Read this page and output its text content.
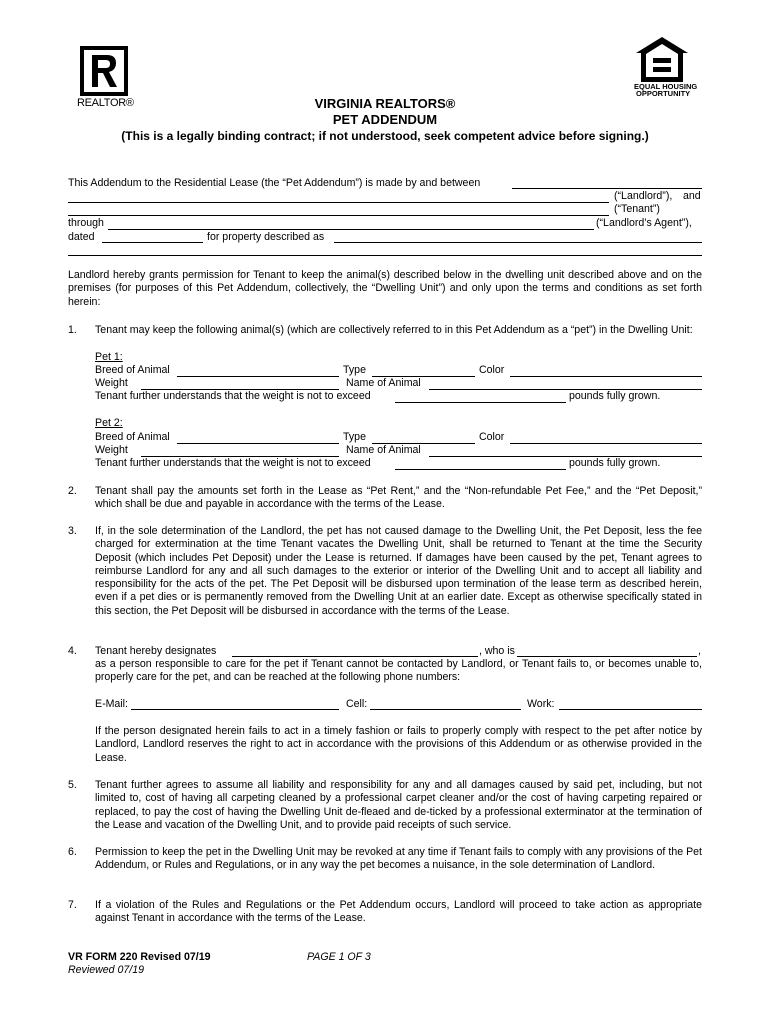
REALTOR®
EQUAL HOUSING
OPPORTUNITY
VIRGINIA REALTORS®
PET ADDENDUM
(This is a legally binding contract; if not understood, seek competent advice before signing.)
This Addendum to the Residential Lease (the “Pet Addendum”) is made by and between
(“Landlord”), and
(“Tenant”)
through	(“Landlord’s Agent”),
dated	for property described as
Landlord hereby grants permission for Tenant to keep the animal(s) described below in the dwelling unit described above and on the premises (for purposes of this Pet Addendum, collectively, the “Dwelling Unit”) and only upon the terms and conditions as set forth herein:
1. Tenant may keep the following animal(s) (which are collectively referred to in this Pet Addendum as a “pet”) in the Dwelling Unit:
Pet 1:
Breed of Animal	Type	Color
Weight	Name of Animal
Tenant further understands that the weight is not to exceed	pounds fully grown.
Pet 2:
Breed of Animal	Type	Color
Weight	Name of Animal
Tenant further understands that the weight is not to exceed	pounds fully grown.
2. Tenant shall pay the amounts set forth in the Lease as “Pet Rent,” and the “Non-refundable Pet Fee,” and the “Pet Deposit,” which shall be due and payable in accordance with the terms of the Lease.
3. If, in the sole determination of the Landlord, the pet has not caused damage to the Dwelling Unit, the Pet Deposit, less the fee charged for extermination at the time Tenant vacates the Dwelling Unit, shall be returned to Tenant at the time the Security Deposit (which includes Pet Deposit) under the Lease is returned. If damages have been caused by the pet, Tenant agrees to reimburse Landlord for any and all such damages to the exterior or interior of the Dwelling Unit and to accept all liability and responsibility for the acts of the pet. The Pet Deposit will be disbursed upon termination of the lease term as described herein, even if a pet dies or is permanently removed from the Dwelling Unit at an earlier date. Except as otherwise specifically stated in this section, the Pet Deposit will be disbursed in accordance with the terms of the Lease.
4. Tenant hereby designates	, who is	,
as a person responsible to care for the pet if Tenant cannot be contacted by Landlord, or Tenant fails to, or becomes unable to, properly care for the pet, and can be reached at the following phone numbers:
E-Mail:	Cell:	Work:
If the person designated herein fails to act in a timely fashion or fails to properly comply with respect to the pet after notice by Landlord, Landlord reserves the right to act in accordance with the provisions of this Addendum or as otherwise provided in the Lease.
5. Tenant further agrees to assume all liability and responsibility for any and all damages caused by said pet, including, but not limited to, cost of having all carpeting cleaned by a professional carpet cleaner and/or the cost of having carpeting repaired or replaced, to pay the cost of having the Dwelling Unit de-fleaed and de-ticked by a professional exterminator at the termination of the Lease and vacation of the Dwelling Unit, and to provide paid receipts of such service.
6. Permission to keep the pet in the Dwelling Unit may be revoked at any time if Tenant fails to comply with any provisions of the Pet Addendum, or Rules and Regulations, or in any way the pet becomes a nuisance, in the sole determination of Landlord.
7. If a violation of the Rules and Regulations or the Pet Addendum occurs, Landlord will proceed to take action as appropriate against Tenant in accordance with the terms of the Lease.
VR FORM 220 Revised 07/19
Reviewed 07/19
PAGE 1 OF 3
